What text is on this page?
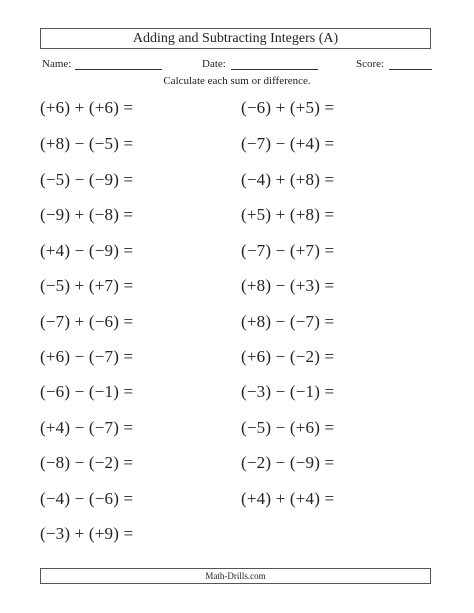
Adding and Subtracting Integers (A)
Name:	Date:	Score:
Calculate each sum or difference.
(+6) + (+6) =
(+8) − (−5) =
(−5) − (−9) =
(−9) + (−8) =
(+4) − (−9) =
(−5) + (+7) =
(−7) + (−6) =
(+6) − (−7) =
(−6) − (−1) =
(+4) − (−7) =
(−8) − (−2) =
(−4) − (−6) =
(−3) + (+9) =
(−6) + (+5) =
(−7) − (+4) =
(−4) + (+8) =
(+5) + (+8) =
(−7) − (+7) =
(+8) − (+3) =
(+8) − (−7) =
(+6) − (−2) =
(−3) − (−1) =
(−5) − (+6) =
(−2) − (−9) =
(+4) + (+4) =
Math-Drills.com
